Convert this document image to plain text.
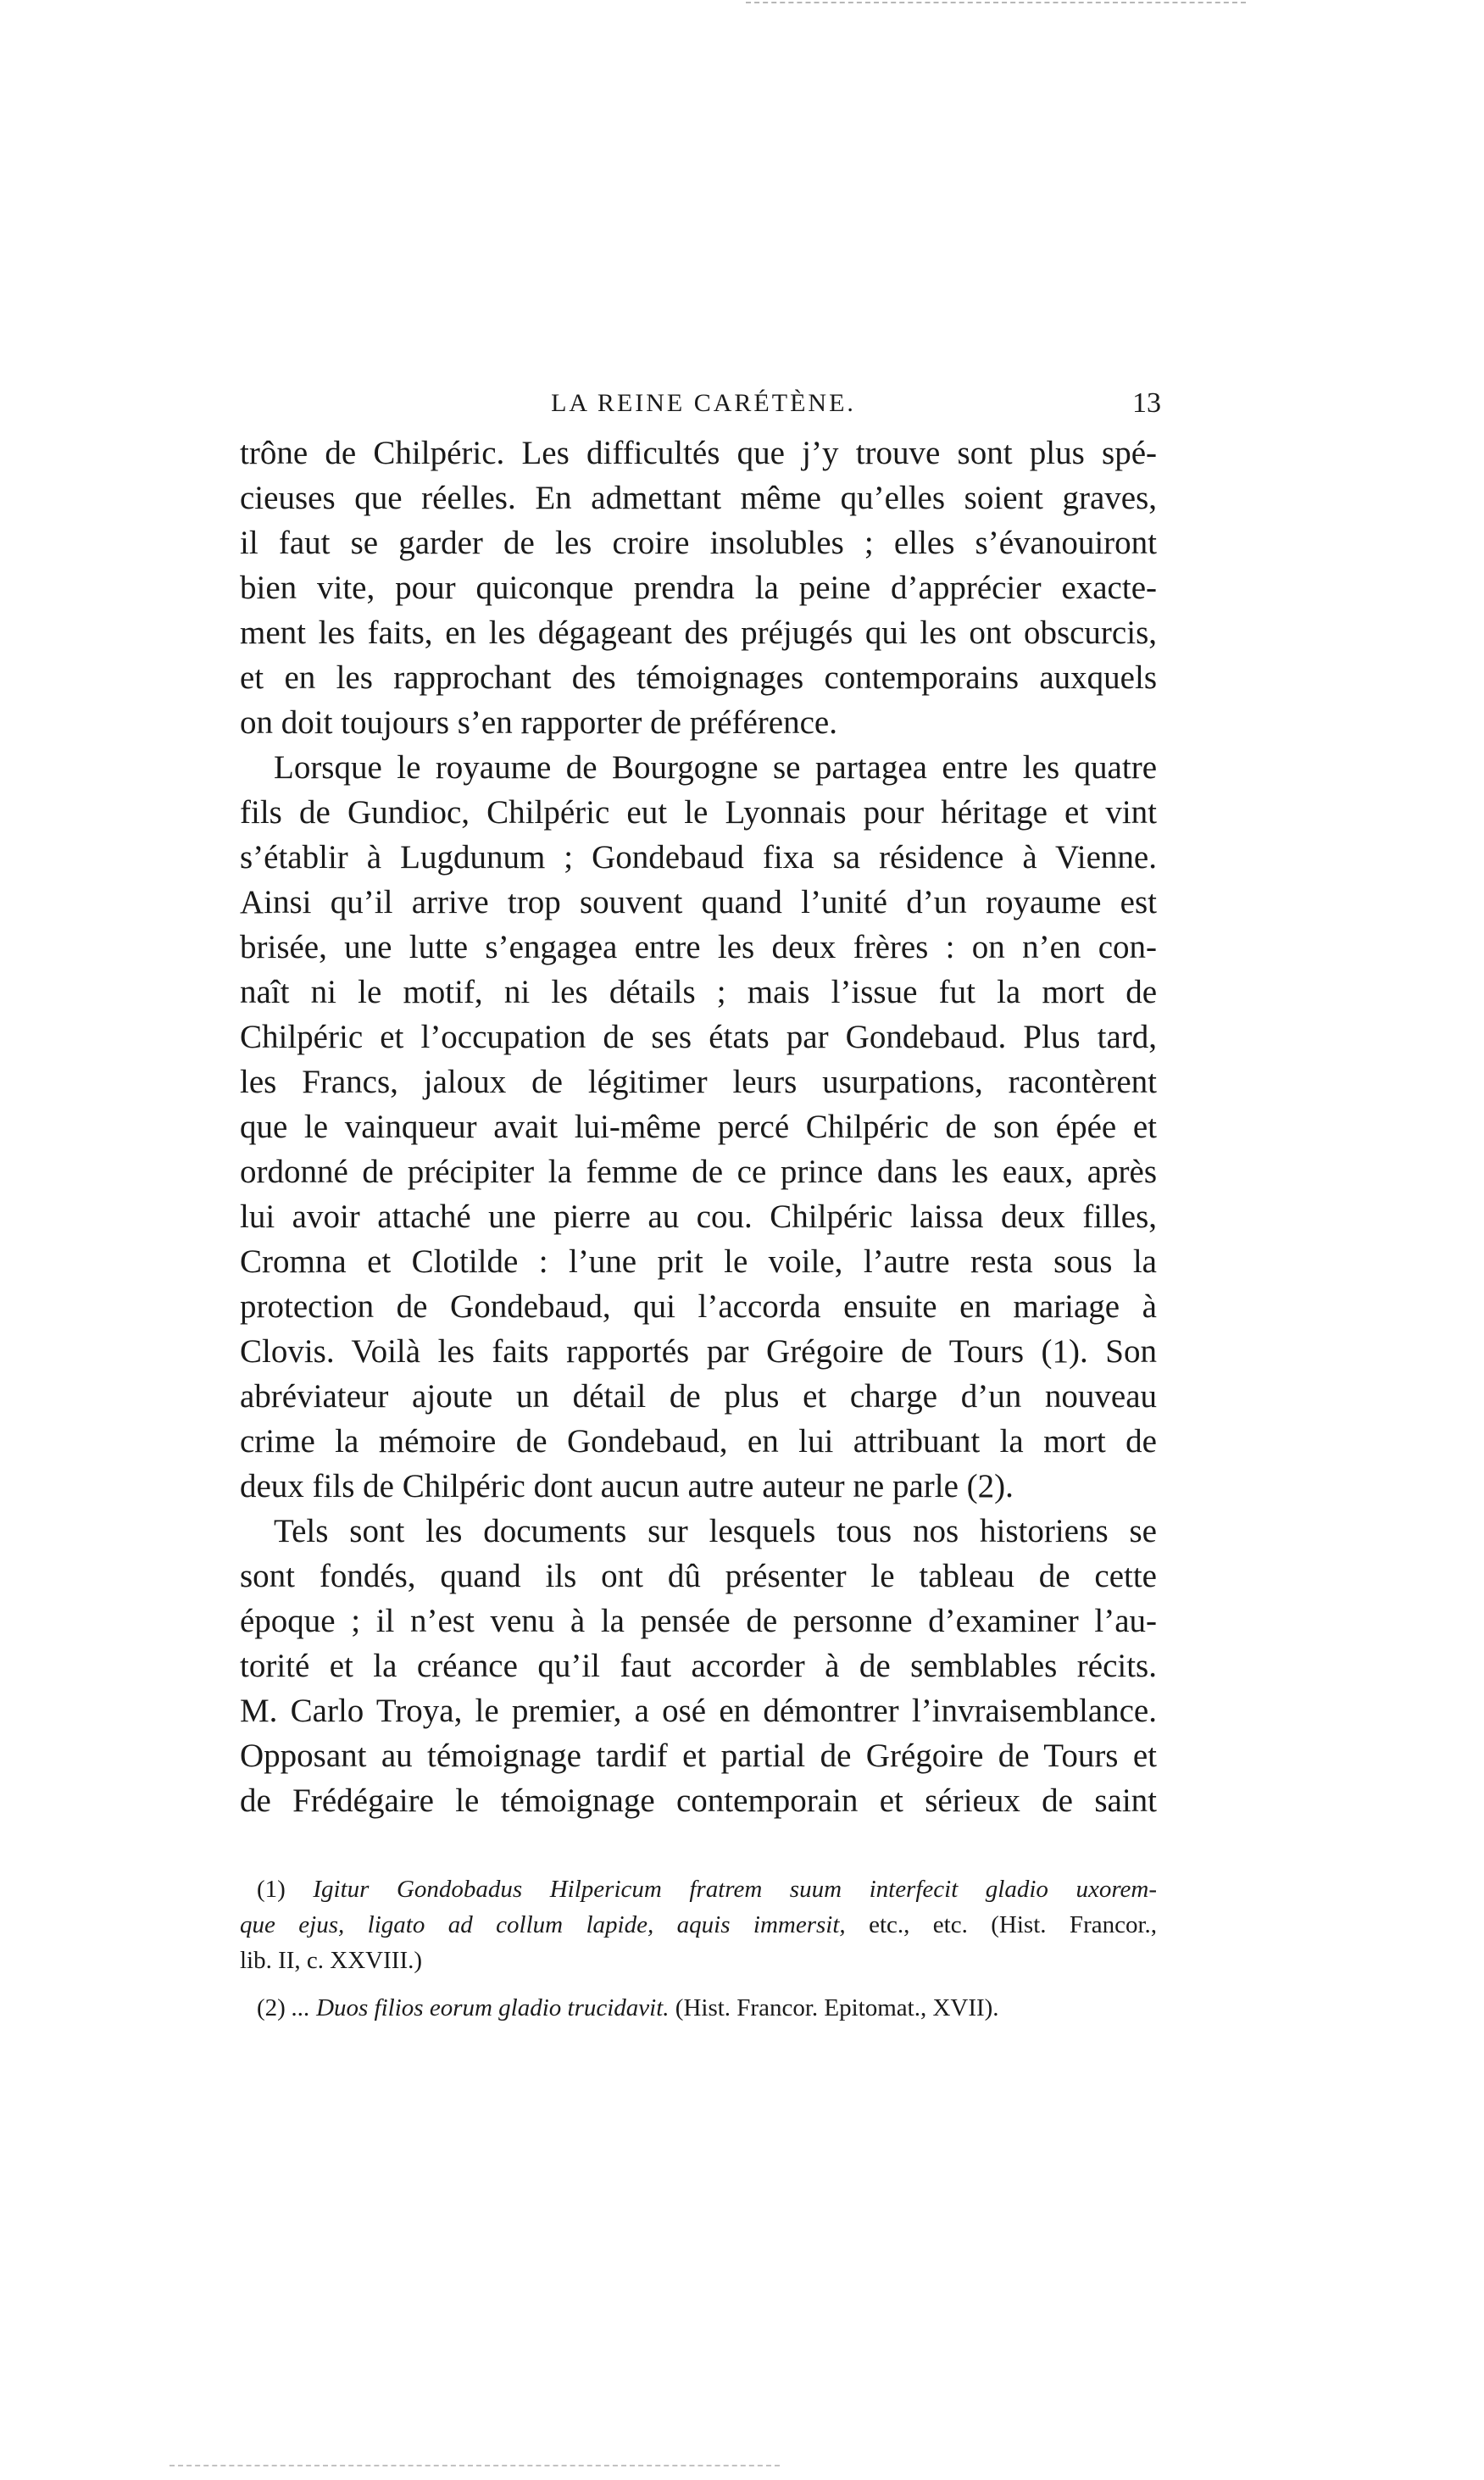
LA REINE CARÉTÈNE.	13
trône de Chilpéric. Les difficultés que j’y trouve sont plus spé-
cieuses que réelles. En admettant même qu’elles soient graves,
il faut se garder de les croire insolubles ; elles s’évanouiront
bien vite, pour quiconque prendra la peine d’apprécier exacte-
ment les faits, en les dégageant des préjugés qui les ont obscurcis,
et en les rapprochant des témoignages contemporains auxquels
on doit toujours s’en rapporter de préférence.
Lorsque le royaume de Bourgogne se partagea entre les quatre
fils de Gundioc, Chilpéric eut le Lyonnais pour héritage et vint
s’établir à Lugdunum ; Gondebaud fixa sa résidence à Vienne.
Ainsi qu’il arrive trop souvent quand l’unité d’un royaume est
brisée, une lutte s’engagea entre les deux frères : on n’en con-
naît ni le motif, ni les détails ; mais l’issue fut la mort de
Chilpéric et l’occupation de ses états par Gondebaud. Plus tard,
les Francs, jaloux de légitimer leurs usurpations, racontèrent
que le vainqueur avait lui-même percé Chilpéric de son épée et
ordonné de précipiter la femme de ce prince dans les eaux, après
lui avoir attaché une pierre au cou. Chilpéric laissa deux filles,
Cromna et Clotilde : l’une prit le voile, l’autre resta sous la
protection de Gondebaud, qui l’accorda ensuite en mariage à
Clovis. Voilà les faits rapportés par Grégoire de Tours (1). Son
abréviateur ajoute un détail de plus et charge d’un nouveau
crime la mémoire de Gondebaud, en lui attribuant la mort de
deux fils de Chilpéric dont aucun autre auteur ne parle (2).
Tels sont les documents sur lesquels tous nos historiens se
sont fondés, quand ils ont dû présenter le tableau de cette
époque ; il n’est venu à la pensée de personne d’examiner l’au-
torité et la créance qu’il faut accorder à de semblables récits.
M. Carlo Troya, le premier, a osé en démontrer l’invraisemblance.
Opposant au témoignage tardif et partial de Grégoire de Tours et
de Frédégaire le témoignage contemporain et sérieux de saint
(1) Igitur Gondobadus Hilpericum fratrem suum interfecit gladio uxorem-
que ejus, ligato ad collum lapide, aquis immersit, etc., etc. (Hist. Francor.,
lib. II, c. XXVIII.)
(2) ... Duos filios eorum gladio trucidavit. (Hist. Francor. Epitomat., XVII).
